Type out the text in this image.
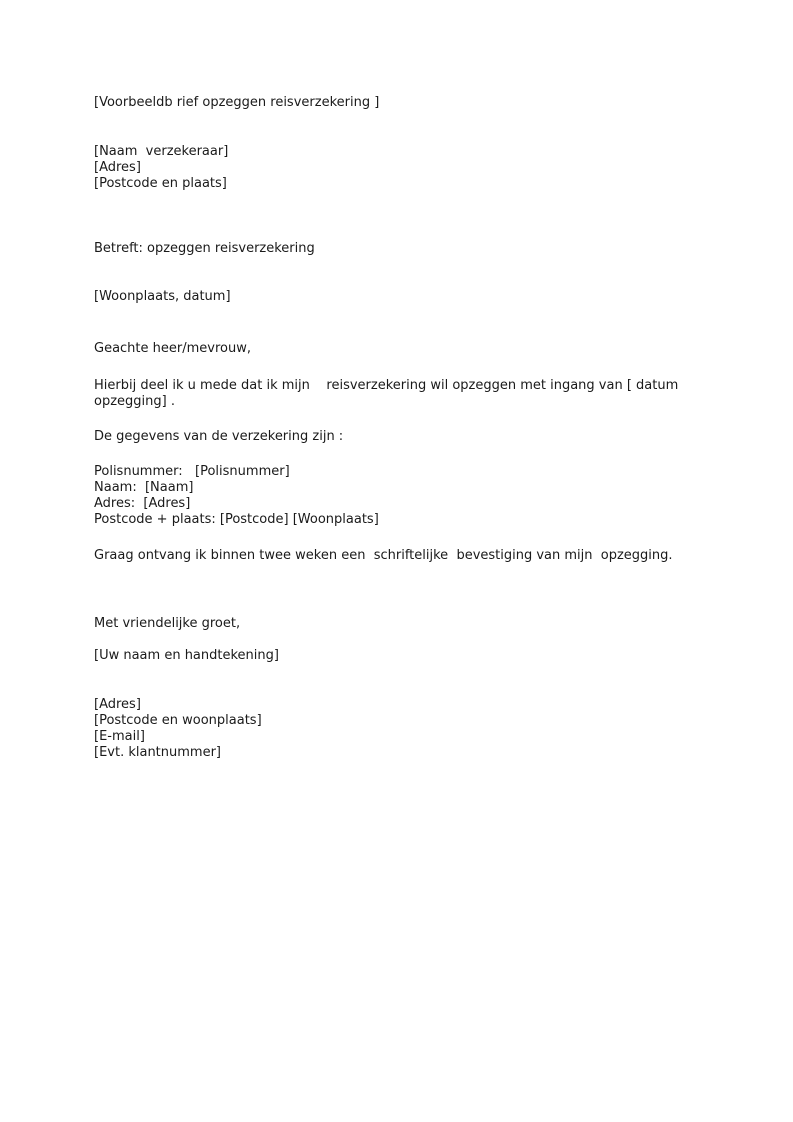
[Voorbeeldb rief opzeggen reisverzekering ]

[Naam  verzekeraar]

[Adres]

[Postcode en plaats]

Betreft: opzeggen reisverzekering

[Woonplaats, datum]

Geachte heer/mevrouw,

Hierbij deel ik u mede dat ik mijn    reisverzekering wil opzeggen met ingang van [ datum

opzegging] .

De gegevens van de verzekering zijn :

Polisnummer:   [Polisnummer]

Naam:  [Naam]

Adres:  [Adres]

Postcode + plaats: [Postcode] [Woonplaats]

Graag ontvang ik binnen twee weken een  schriftelijke  bevestiging van mijn  opzegging.

Met vriendelijke groet,

[Uw naam en handtekening]

[Adres]

[Postcode en woonplaats]

[E-mail]

[Evt. klantnummer]
